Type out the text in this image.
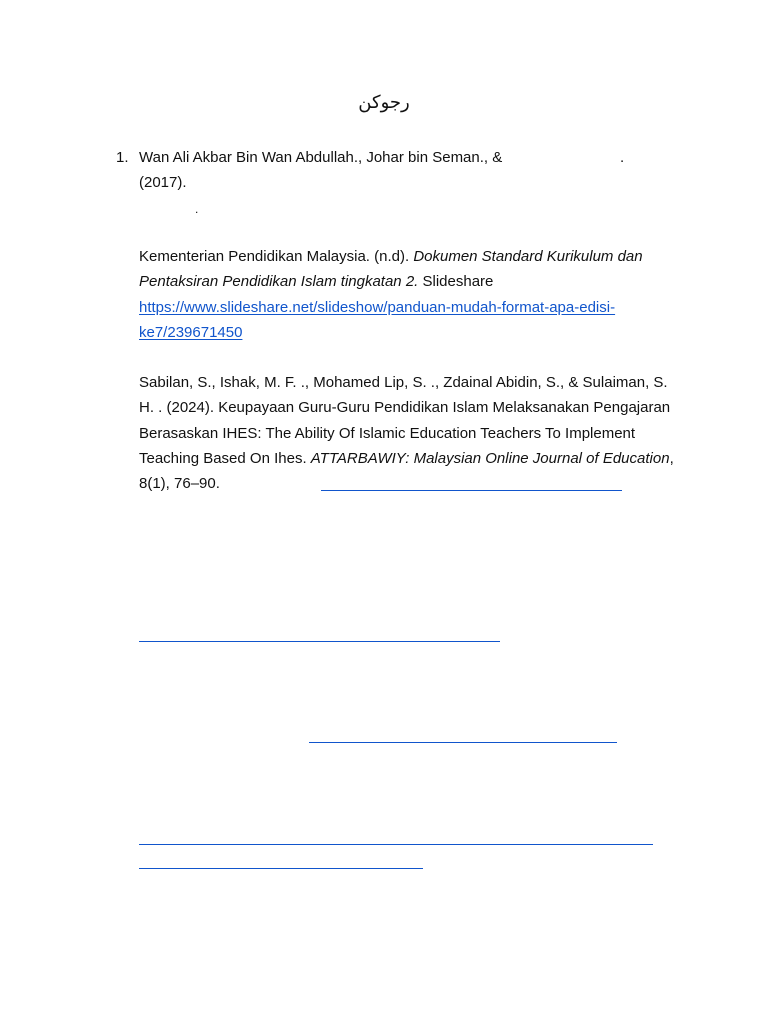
رجوكن
1. Wan Ali Akbar Bin Wan Abdullah., Johar bin Seman., &	.
(2017).
.
Kementerian Pendidikan Malaysia. (n.d). Dokumen Standard Kurikulum dan Pentaksiran Pendidikan Islam tingkatan 2. Slideshare
https://www.slideshare.net/slideshow/panduan-mudah-format-apa-edisi-ke7/239671450
Sabilan, S., Ishak, M. F. ., Mohamed Lip, S. ., Zdainal Abidin, S., & Sulaiman, S. H. . (2024). Keupayaan Guru-Guru Pendidikan Islam Melaksanakan Pengajaran Berasaskan IHES: The Ability Of Islamic Education Teachers To Implement Teaching Based On Ihes. ATTARBAWIY: Malaysian Online Journal of Education, 8(1), 76–90.
